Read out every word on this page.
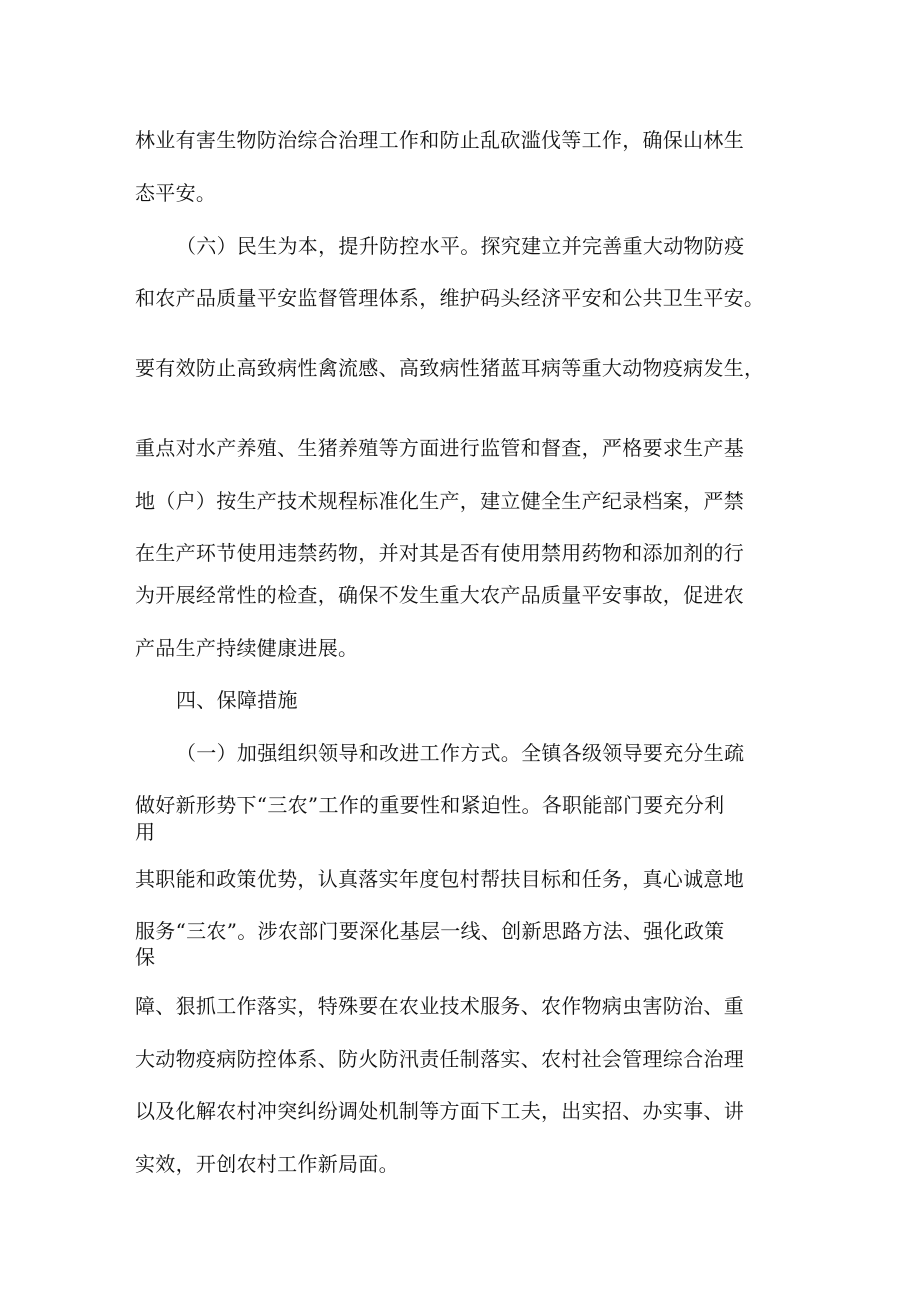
林业有害生物防治综合治理工作和防止乱砍滥伐等工作，确保山林生
态平安。
（六）民生为本，提升防控水平。探究建立并完善重大动物防疫
和农产品质量平安监督管理体系，维护码头经济平安和公共卫生平安。
要有效防止高致病性禽流感、高致病性猪蓝耳病等重大动物疫病发生，
重点对水产养殖、生猪养殖等方面进行监管和督查，严格要求生产基
地（户）按生产技术规程标准化生产，建立健全生产纪录档案，严禁
在生产环节使用违禁药物，并对其是否有使用禁用药物和添加剂的行
为开展经常性的检查，确保不发生重大农产品质量平安事故，促进农
产品生产持续健康进展。
四、保障措施
（一）加强组织领导和改进工作方式。全镇各级领导要充分生疏
做好新形势下“三农”工作的重要性和紧迫性。各职能部门要充分利
用
其职能和政策优势，认真落实年度包村帮扶目标和任务，真心诚意地
服务“三农”。涉农部门要深化基层一线、创新思路方法、强化政策
保
障、狠抓工作落实，特殊要在农业技术服务、农作物病虫害防治、重
大动物疫病防控体系、防火防汛责任制落实、农村社会管理综合治理
以及化解农村冲突纠纷调处机制等方面下工夫，出实招、办实事、讲
实效，开创农村工作新局面。
